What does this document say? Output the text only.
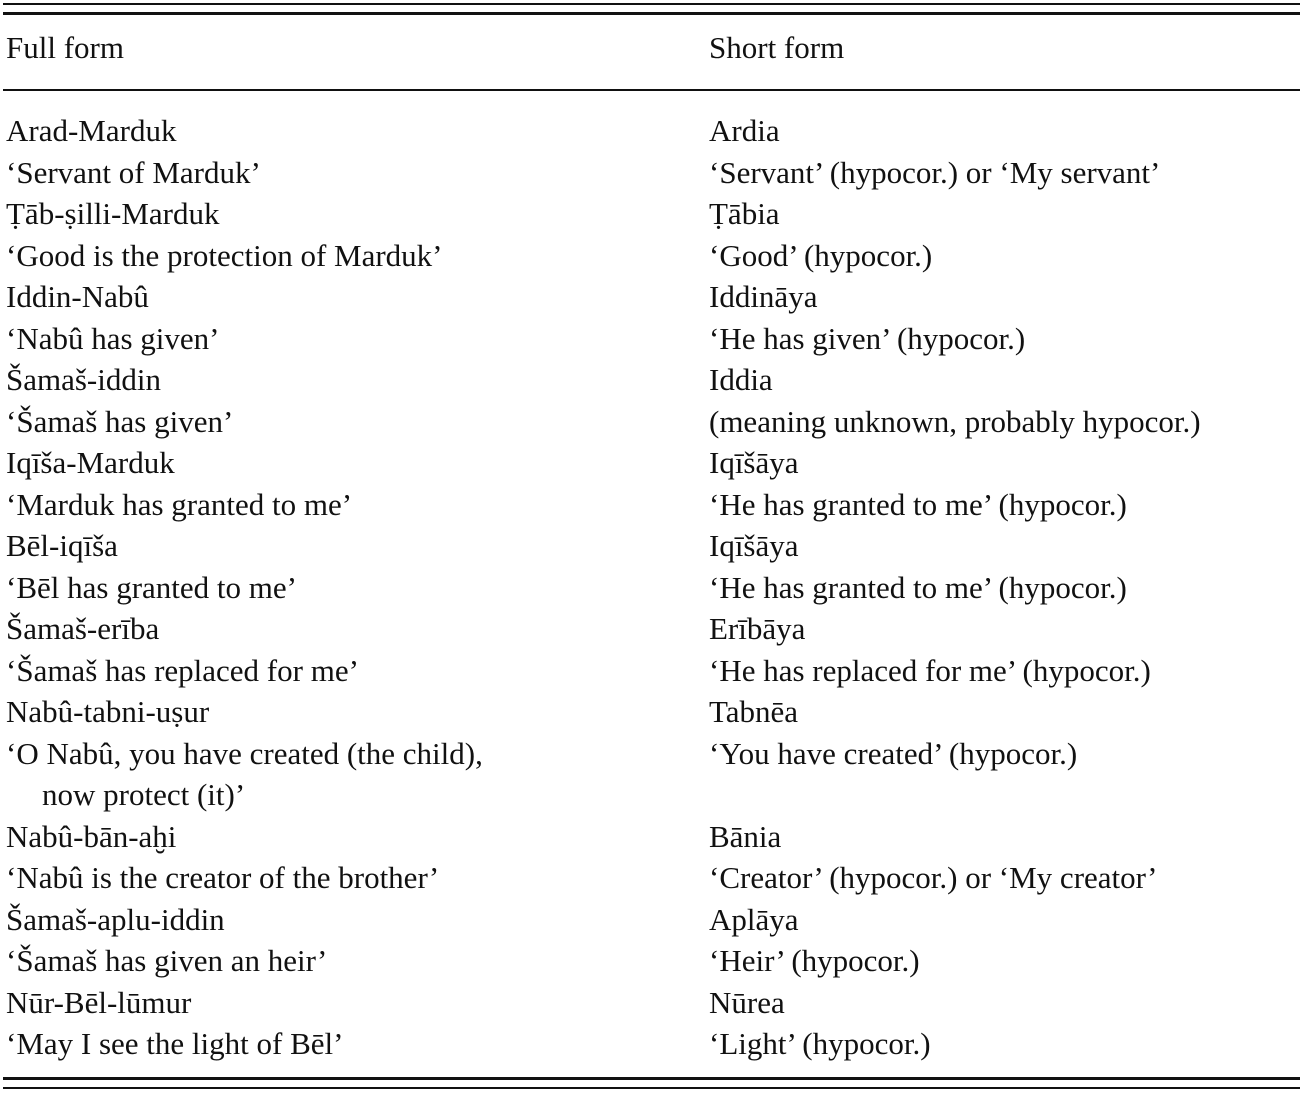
Full form	Short form
Arad-Marduk
‘Servant of Marduk’
Ardia
‘Servant’ (hypocor.) or ‘My servant’
Ṭāb-ṣilli-Marduk
‘Good is the protection of Marduk’
Ṭābia
‘Good’ (hypocor.)
Iddin-Nabû
‘Nabû has given’
Iddināya
‘He has given’ (hypocor.)
Šamaš-iddin
‘Šamaš has given’
Iddia
(meaning unknown, probably hypocor.)
Iqīša-Marduk
‘Marduk has granted to me’
Iqīšāya
‘He has granted to me’ (hypocor.)
Bēl-iqīša
‘Bēl has granted to me’
Iqīšāya
‘He has granted to me’ (hypocor.)
Šamaš-erība
‘Šamaš has replaced for me’
Erībāya
‘He has replaced for me’ (hypocor.)
Nabû-tabni-uṣur
‘O Nabû, you have created (the child),
now protect (it)’
Tabnēa
‘You have created’ (hypocor.)
Nabû-bān-aḫi
‘Nabû is the creator of the brother’
Bānia
‘Creator’ (hypocor.) or ‘My creator’
Šamaš-aplu-iddin
‘Šamaš has given an heir’
Aplāya
‘Heir’ (hypocor.)
Nūr-Bēl-lūmur
‘May I see the light of Bēl’
Nūrea
‘Light’ (hypocor.)
